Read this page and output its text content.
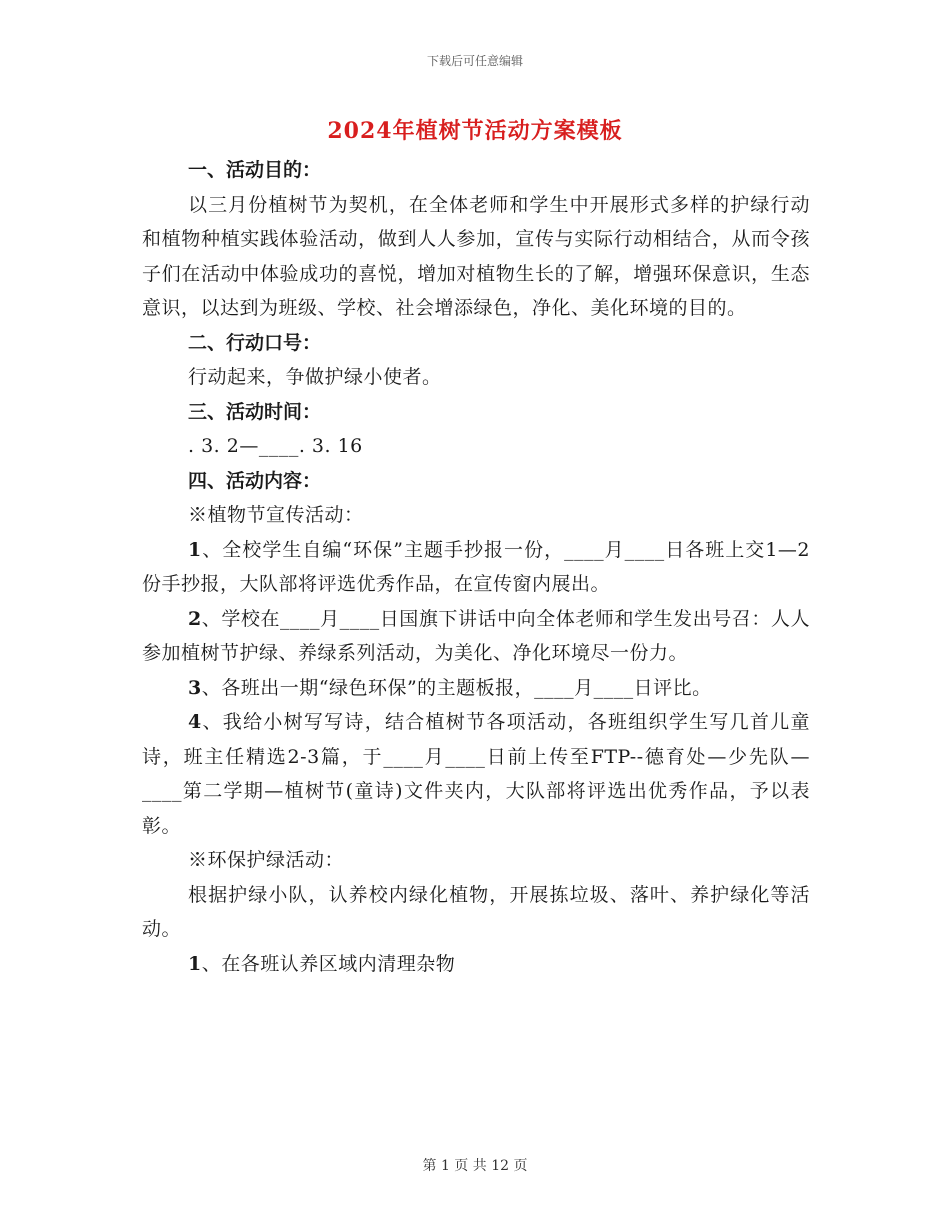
下载后可任意编辑
2024年植树节活动方案模板

一、活动目的：

以三月份植树节为契机，在全体老师和学生中开展形式多样的护绿行动和植物种植实践体验活动，做到人人参加，宣传与实际行动相结合，从而令孩子们在活动中体验成功的喜悦，增加对植物生长的了解，增强环保意识，生态意识，以达到为班级、学校、社会增添绿色，净化、美化环境的目的。

二、行动口号：

行动起来，争做护绿小使者。

三、活动时间：

. 3. 2—____. 3. 16

四、活动内容：

※植物节宣传活动：

1、全校学生自编“环保”主题手抄报一份，____月____日各班上交1—2份手抄报，大队部将评选优秀作品，在宣传窗内展出。

2、学校在____月____日国旗下讲话中向全体老师和学生发出号召：人人参加植树节护绿、养绿系列活动，为美化、净化环境尽一份力。

3、各班出一期“绿色环保”的主题板报，____月____日评比。

4、我给小树写写诗，结合植树节各项活动，各班组织学生写几首儿童诗，班主任精选2-3篇，于____月____日前上传至FTP--德育处—少先队—____第二学期—植树节(童诗)文件夹内，大队部将评选出优秀作品，予以表彰。

※环保护绿活动：

根据护绿小队，认养校内绿化植物，开展拣垃圾、落叶、养护绿化等活动。

1、在各班认养区域内清理杂物

第 1 页 共 12 页
